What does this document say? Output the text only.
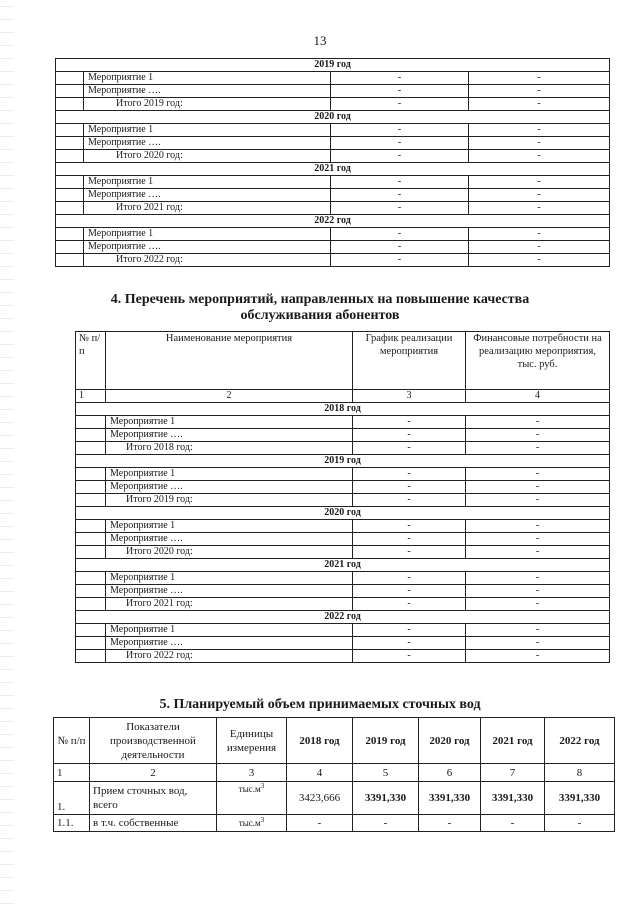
13
2019 год			
	Мероприятие 1	-	-
	Мероприятие ….	-	-
	Итого 2019 год:	-	-
2020 год			
	Мероприятие 1	-	-
	Мероприятие ….	-	-
	Итого 2020 год:	-	-
2021 год			
	Мероприятие 1	-	-
	Мероприятие ….	-	-
	Итого 2021 год:	-	-
2022 год			
	Мероприятие 1	-	-
	Мероприятие ….	-	-
	Итого 2022 год:	-	-
4. Перечень мероприятий, направленных на повышение качества
обслуживания абонентов
№ п/п	Наименование мероприятия	График реализации мероприятия	Финансовые потребности на реализацию мероприятия, тыс. руб.
1	2	3	4
2018 год			
	Мероприятие 1	-	-
	Мероприятие ….	-	-
	Итого 2018 год:	-	-
2019 год			
	Мероприятие 1	-	-
	Мероприятие ….	-	-
	Итого 2019 год:	-	-
2020 год			
	Мероприятие 1	-	-
	Мероприятие ….	-	-
	Итого 2020 год:	-	-
2021 год			
	Мероприятие 1	-	-
	Мероприятие ….	-	-
	Итого 2021 год:	-	-
2022 год			
	Мероприятие 1	-	-
	Мероприятие ….	-	-
	Итого 2022 год:	-	-
5. Планируемый объем принимаемых сточных вод
№ п/п	Показатели производственной деятельности	Единицы измерения	2018 год	2019 год	2020 год	2021 год	2022 год
1	2	3	4	5	6	7	8
1.	Прием сточных вод, всего	$тыс.м^3$	3423,666	3391,330	3391,330	3391,330	3391,330
1.1.	в т.ч. собственные	$тыс.м^3$	-	-	-	-	-
